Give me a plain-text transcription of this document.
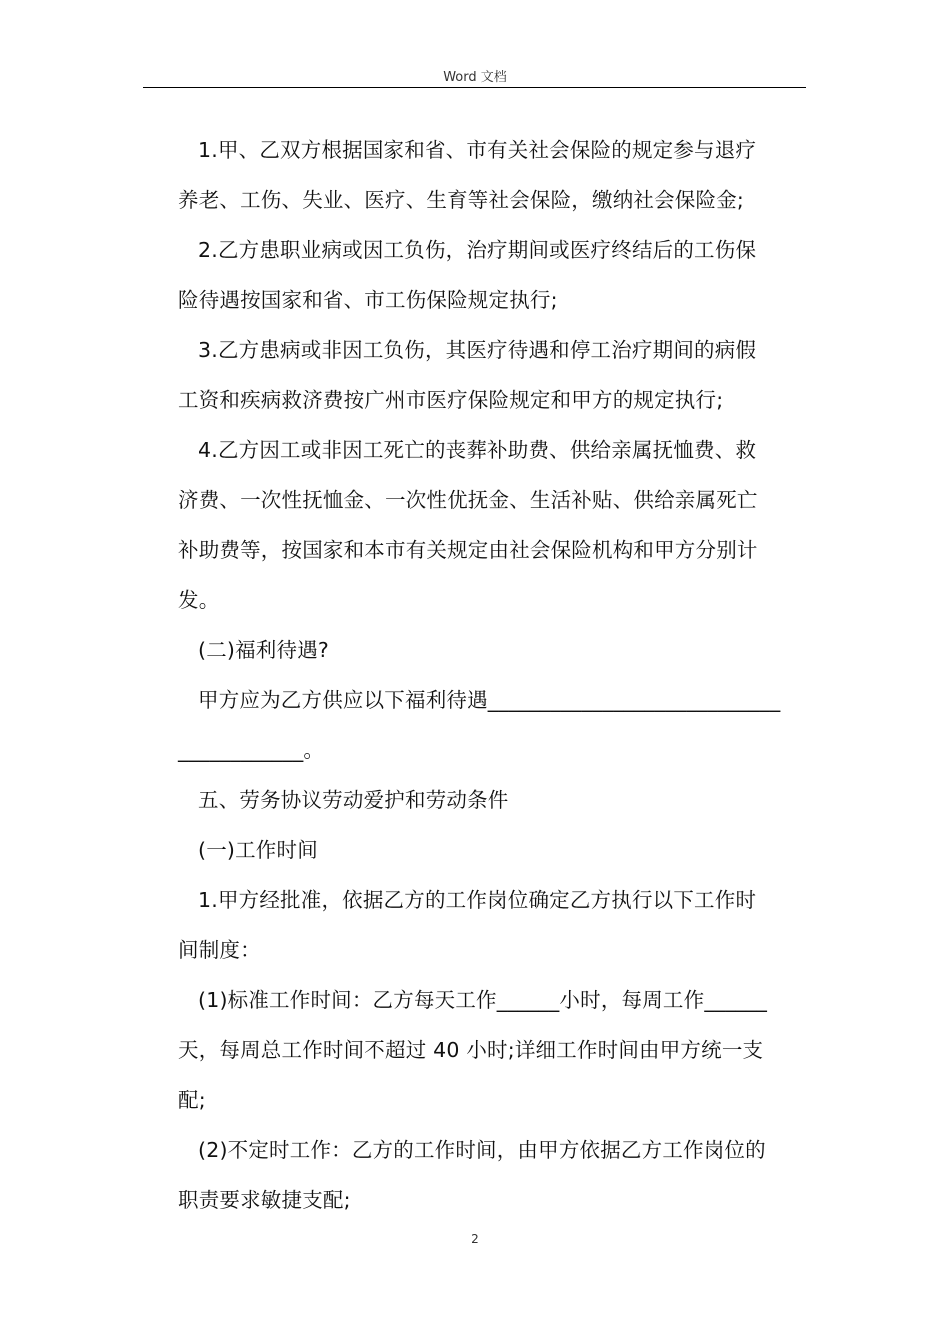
Word 文档

1.甲、乙双方根据国家和省、市有关社会保险的规定参与退疗

养老、工伤、失业、医疗、生育等社会保险，缴纳社会保险金;

2.乙方患职业病或因工负伤，治疗期间或医疗终结后的工伤保

险待遇按国家和省、市工伤保险规定执行;

3.乙方患病或非因工负伤，其医疗待遇和停工治疗期间的病假

工资和疾病救济费按广州市医疗保险规定和甲方的规定执行;

4.乙方因工或非因工死亡的丧葬补助费、供给亲属抚恤费、救

济费、一次性抚恤金、一次性优抚金、生活补贴、供给亲属死亡

补助费等，按国家和本市有关规定由社会保险机构和甲方分别计

发。

(二)福利待遇?

甲方应为乙方供应以下福利待遇____________________________

____________。

五、劳务协议劳动爱护和劳动条件

(一)工作时间

1.甲方经批准，依据乙方的工作岗位确定乙方执行以下工作时

间制度：

(1)标准工作时间：乙方每天工作______小时，每周工作______

天，每周总工作时间不超过 40 小时;详细工作时间由甲方统一支

配;

(2)不定时工作：乙方的工作时间，由甲方依据乙方工作岗位的

职责要求敏捷支配;

2
